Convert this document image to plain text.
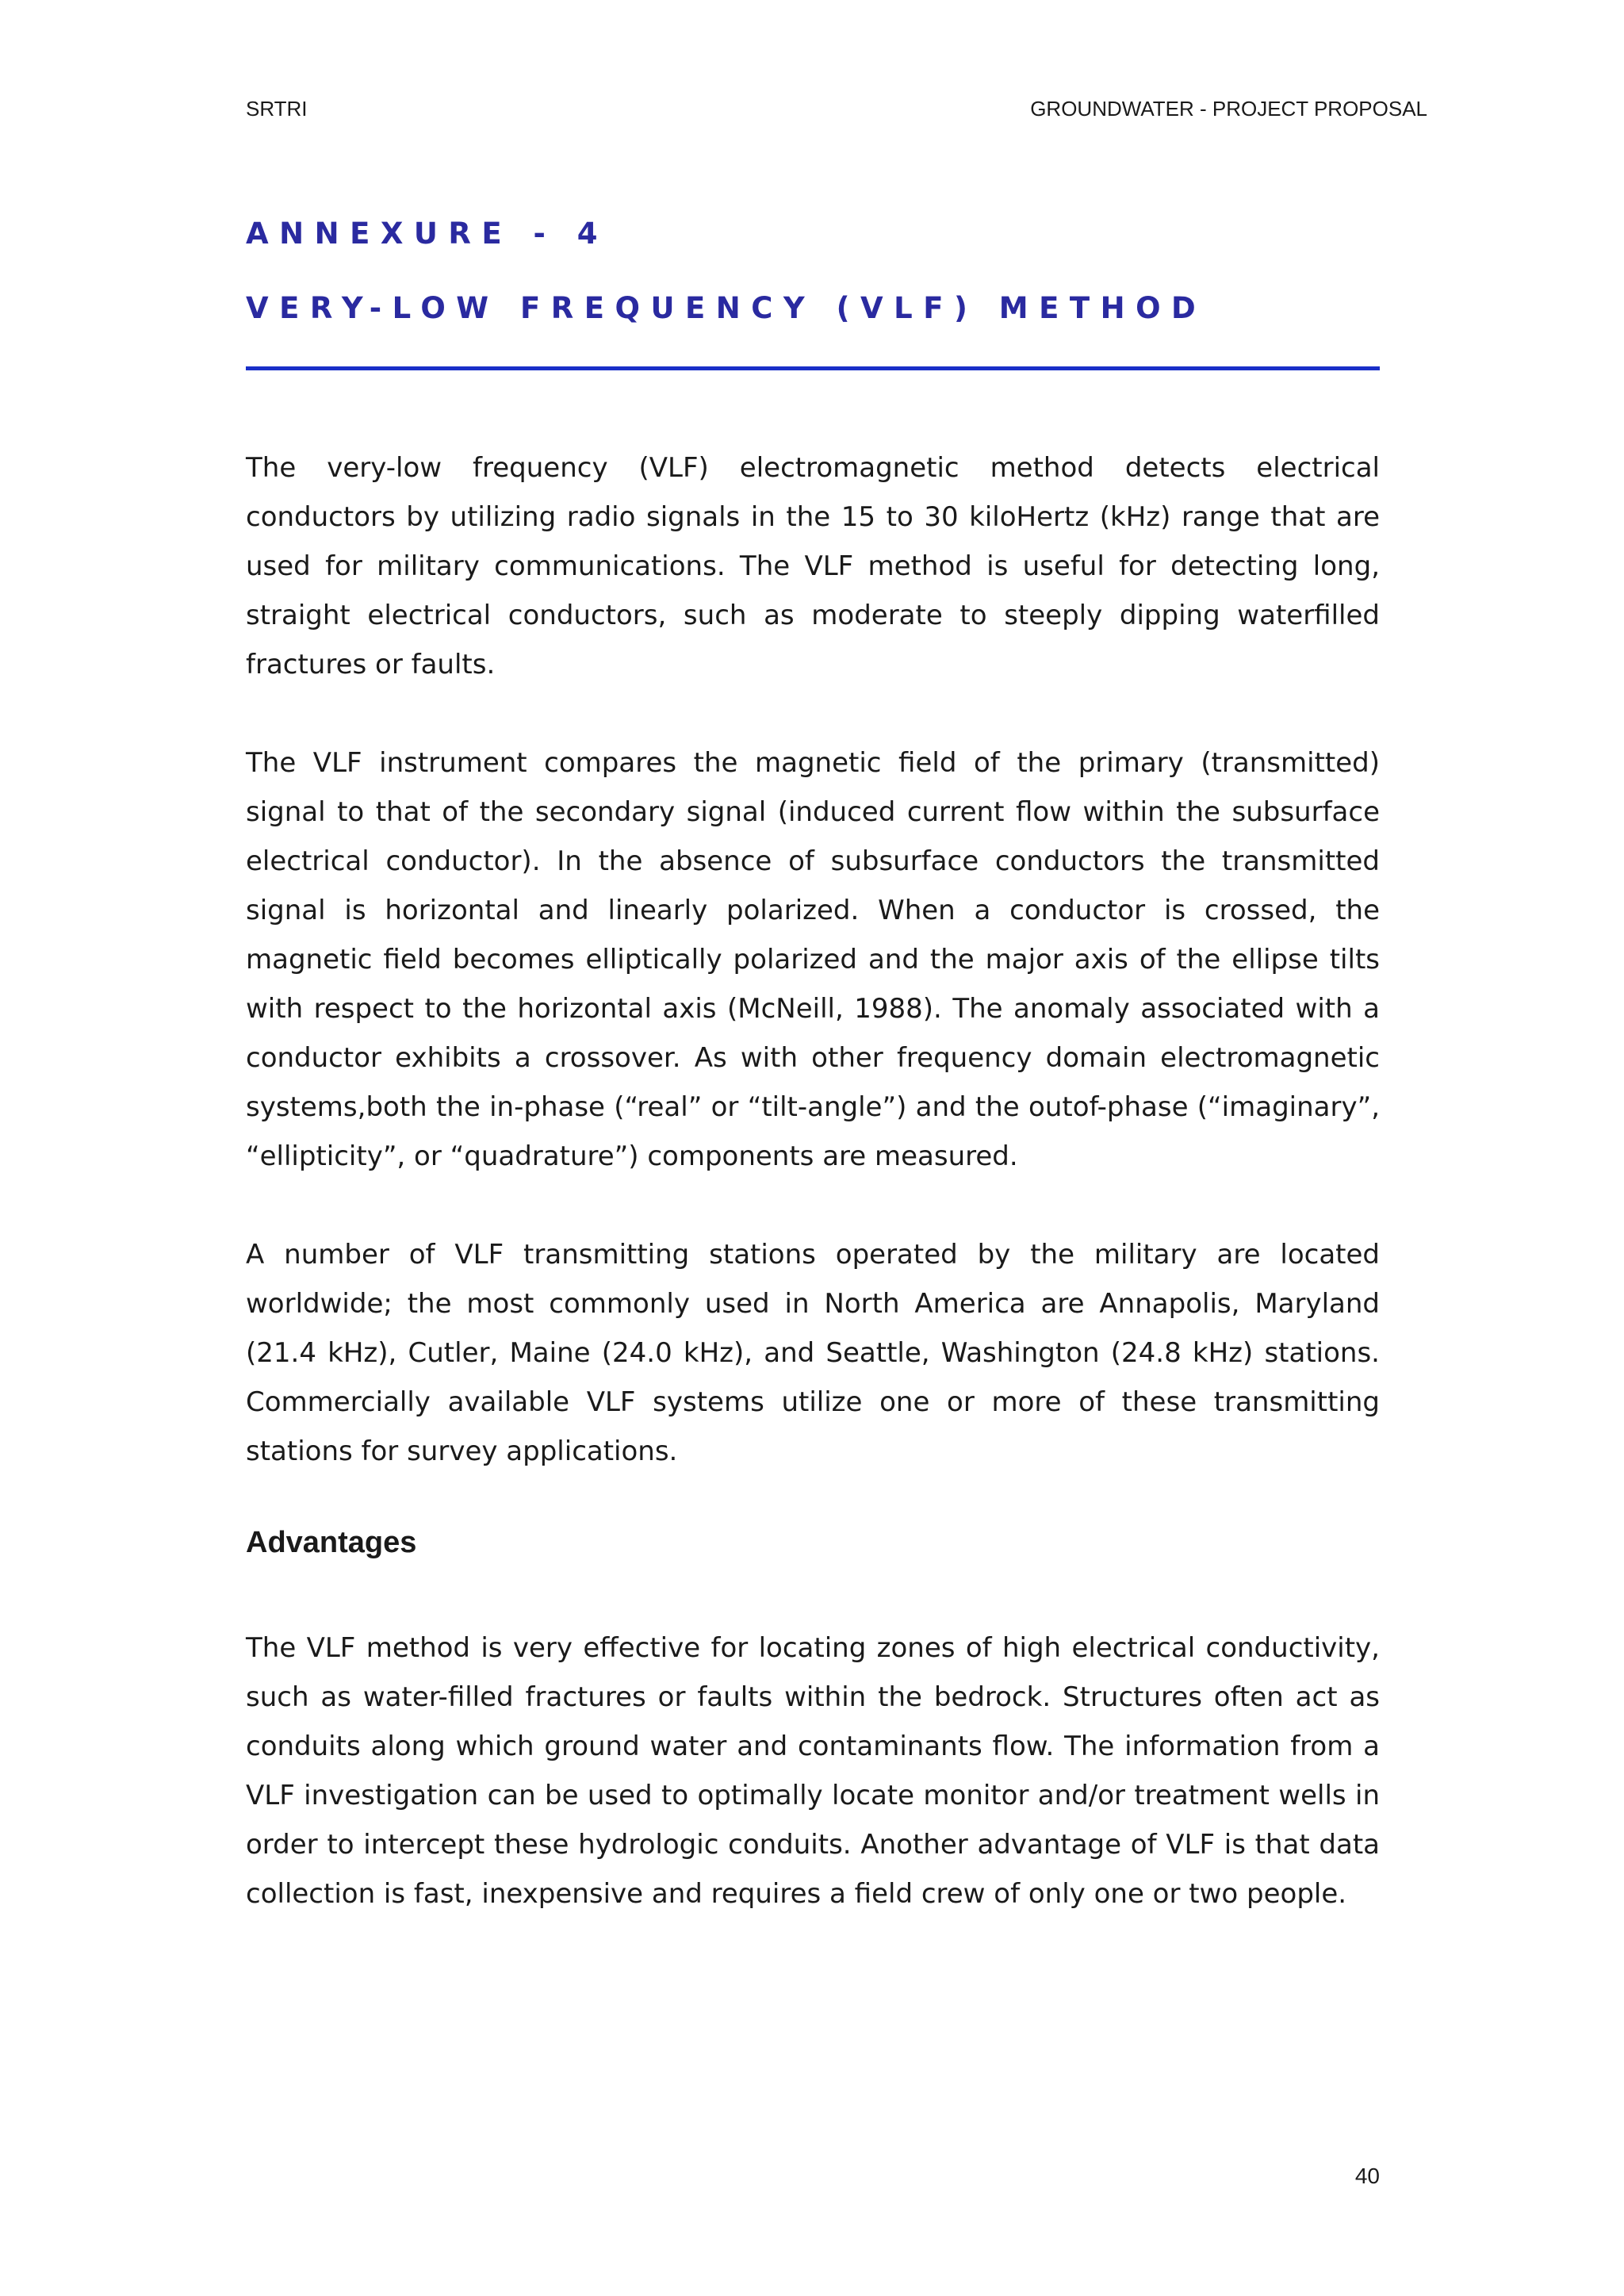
SRTRI	GROUNDWATER - PROJECT PROPOSAL
ANNEXURE - 4
VERY-LOW FREQUENCY (VLF) METHOD

The very-low frequency (VLF) electromagnetic method detects electrical conductors by utilizing radio signals in the 15 to 30 kiloHertz (kHz) range that are used for military communications. The VLF method is useful for detecting long, straight electrical conductors, such as moderate to steeply dipping waterfilled fractures or faults.

The VLF instrument compares the magnetic field of the primary (transmitted) signal to that of the secondary signal (induced current flow within the subsurface electrical conductor). In the absence of subsurface conductors the transmitted signal is horizontal and linearly polarized. When a conductor is crossed, the magnetic field becomes elliptically polarized and the major axis of the ellipse tilts with respect to the horizontal axis (McNeill, 1988). The anomaly associated with a conductor exhibits a crossover. As with other frequency domain electromagnetic systems,both the in-phase (“real” or “tilt-angle”) and the outof-phase (“imaginary”, “ellipticity”, or “quadrature”) components are measured.

A number of VLF transmitting stations operated by the military are located worldwide; the most commonly used in North America are Annapolis, Maryland (21.4 kHz), Cutler, Maine (24.0 kHz), and Seattle, Washington (24.8 kHz) stations. Commercially available VLF systems utilize one or more of these transmitting stations for survey applications.

Advantages

The VLF method is very effective for locating zones of high electrical conductivity, such as water-filled fractures or faults within the bedrock. Structures often act as conduits along which ground water and contaminants flow. The information from a VLF investigation can be used to optimally locate monitor and/or treatment wells in order to intercept these hydrologic conduits. Another advantage of VLF is that data collection is fast, inexpensive and requires a field crew of only one or two people.

40
